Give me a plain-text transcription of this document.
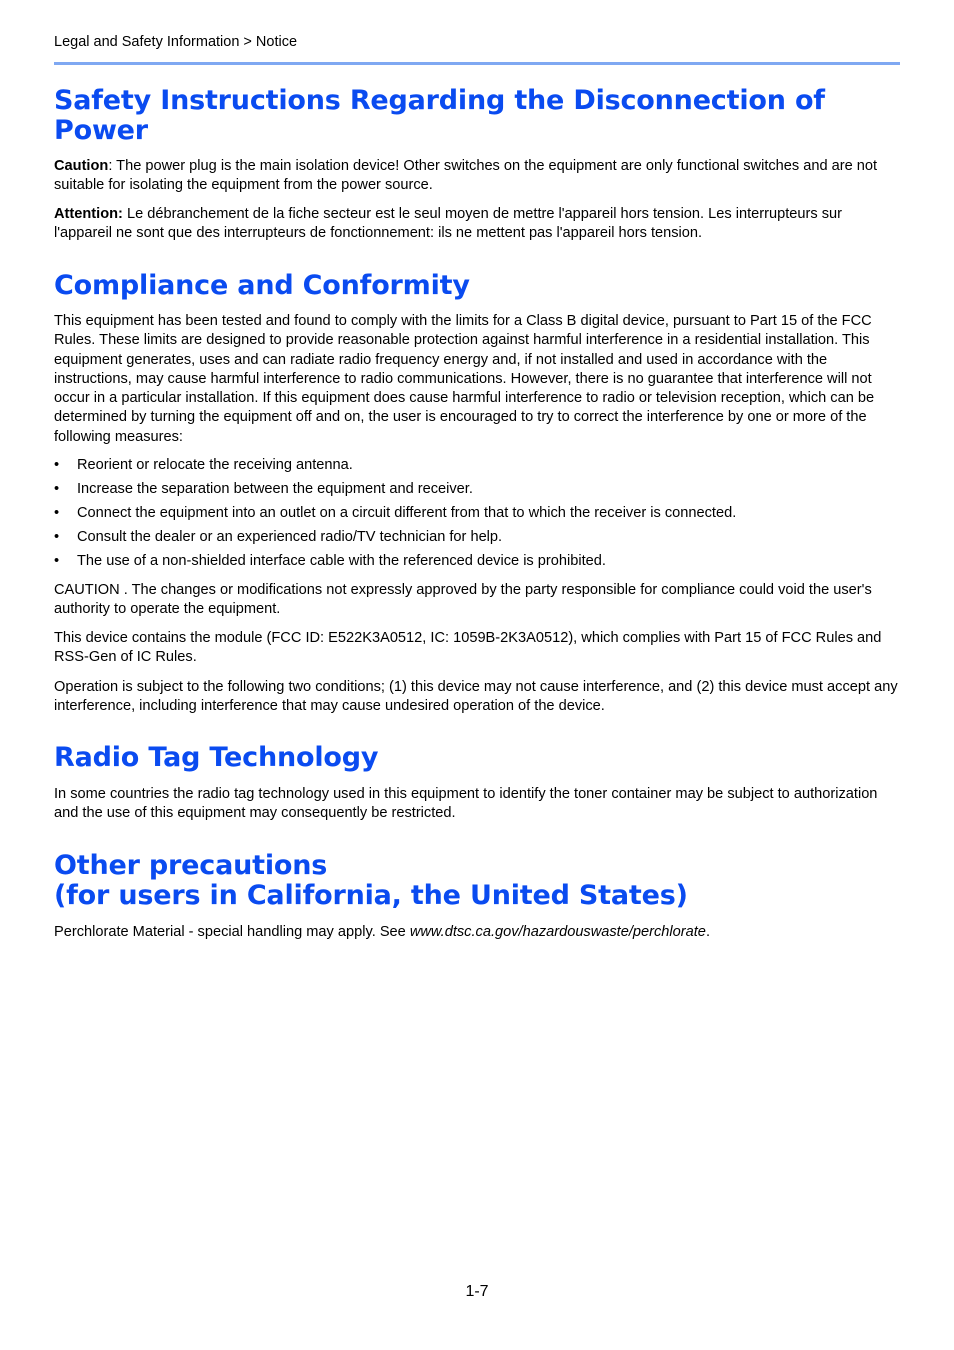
Legal and Safety Information > Notice
Safety Instructions Regarding the Disconnection of Power

Caution: The power plug is the main isolation device! Other switches on the equipment are only functional switches and are not suitable for isolating the equipment from the power source.

Attention: Le débranchement de la fiche secteur est le seul moyen de mettre l'appareil hors tension. Les interrupteurs sur l'appareil ne sont que des interrupteurs de fonctionnement: ils ne mettent pas l'appareil hors tension.

Compliance and Conformity

This equipment has been tested and found to comply with the limits for a Class B digital device, pursuant to Part 15 of the FCC Rules. These limits are designed to provide reasonable protection against harmful interference in a residential installation. This equipment generates, uses and can radiate radio frequency energy and, if not installed and used in accordance with the instructions, may cause harmful interference to radio communications. However, there is no guarantee that interference will not occur in a particular installation. If this equipment does cause harmful interference to radio or television reception, which can be determined by turning the equipment off and on, the user is encouraged to try to correct the interference by one or more of the following measures:

• Reorient or relocate the receiving antenna.
• Increase the separation between the equipment and receiver.
• Connect the equipment into an outlet on a circuit different from that to which the receiver is connected.
• Consult the dealer or an experienced radio/TV technician for help.
• The use of a non-shielded interface cable with the referenced device is prohibited.

CAUTION . The changes or modifications not expressly approved by the party responsible for compliance could void the user's authority to operate the equipment.

This device contains the module (FCC ID: E522K3A0512, IC: 1059B-2K3A0512), which complies with Part 15 of FCC Rules and RSS-Gen of IC Rules.

Operation is subject to the following two conditions; (1) this device may not cause interference, and (2) this device must accept any interference, including interference that may cause undesired operation of the device.

Radio Tag Technology

In some countries the radio tag technology used in this equipment to identify the toner container may be subject to authorization and the use of this equipment may consequently be restricted.

Other precautions
(for users in California, the United States)

Perchlorate Material - special handling may apply. See www.dtsc.ca.gov/hazardouswaste/perchlorate.

1-7
